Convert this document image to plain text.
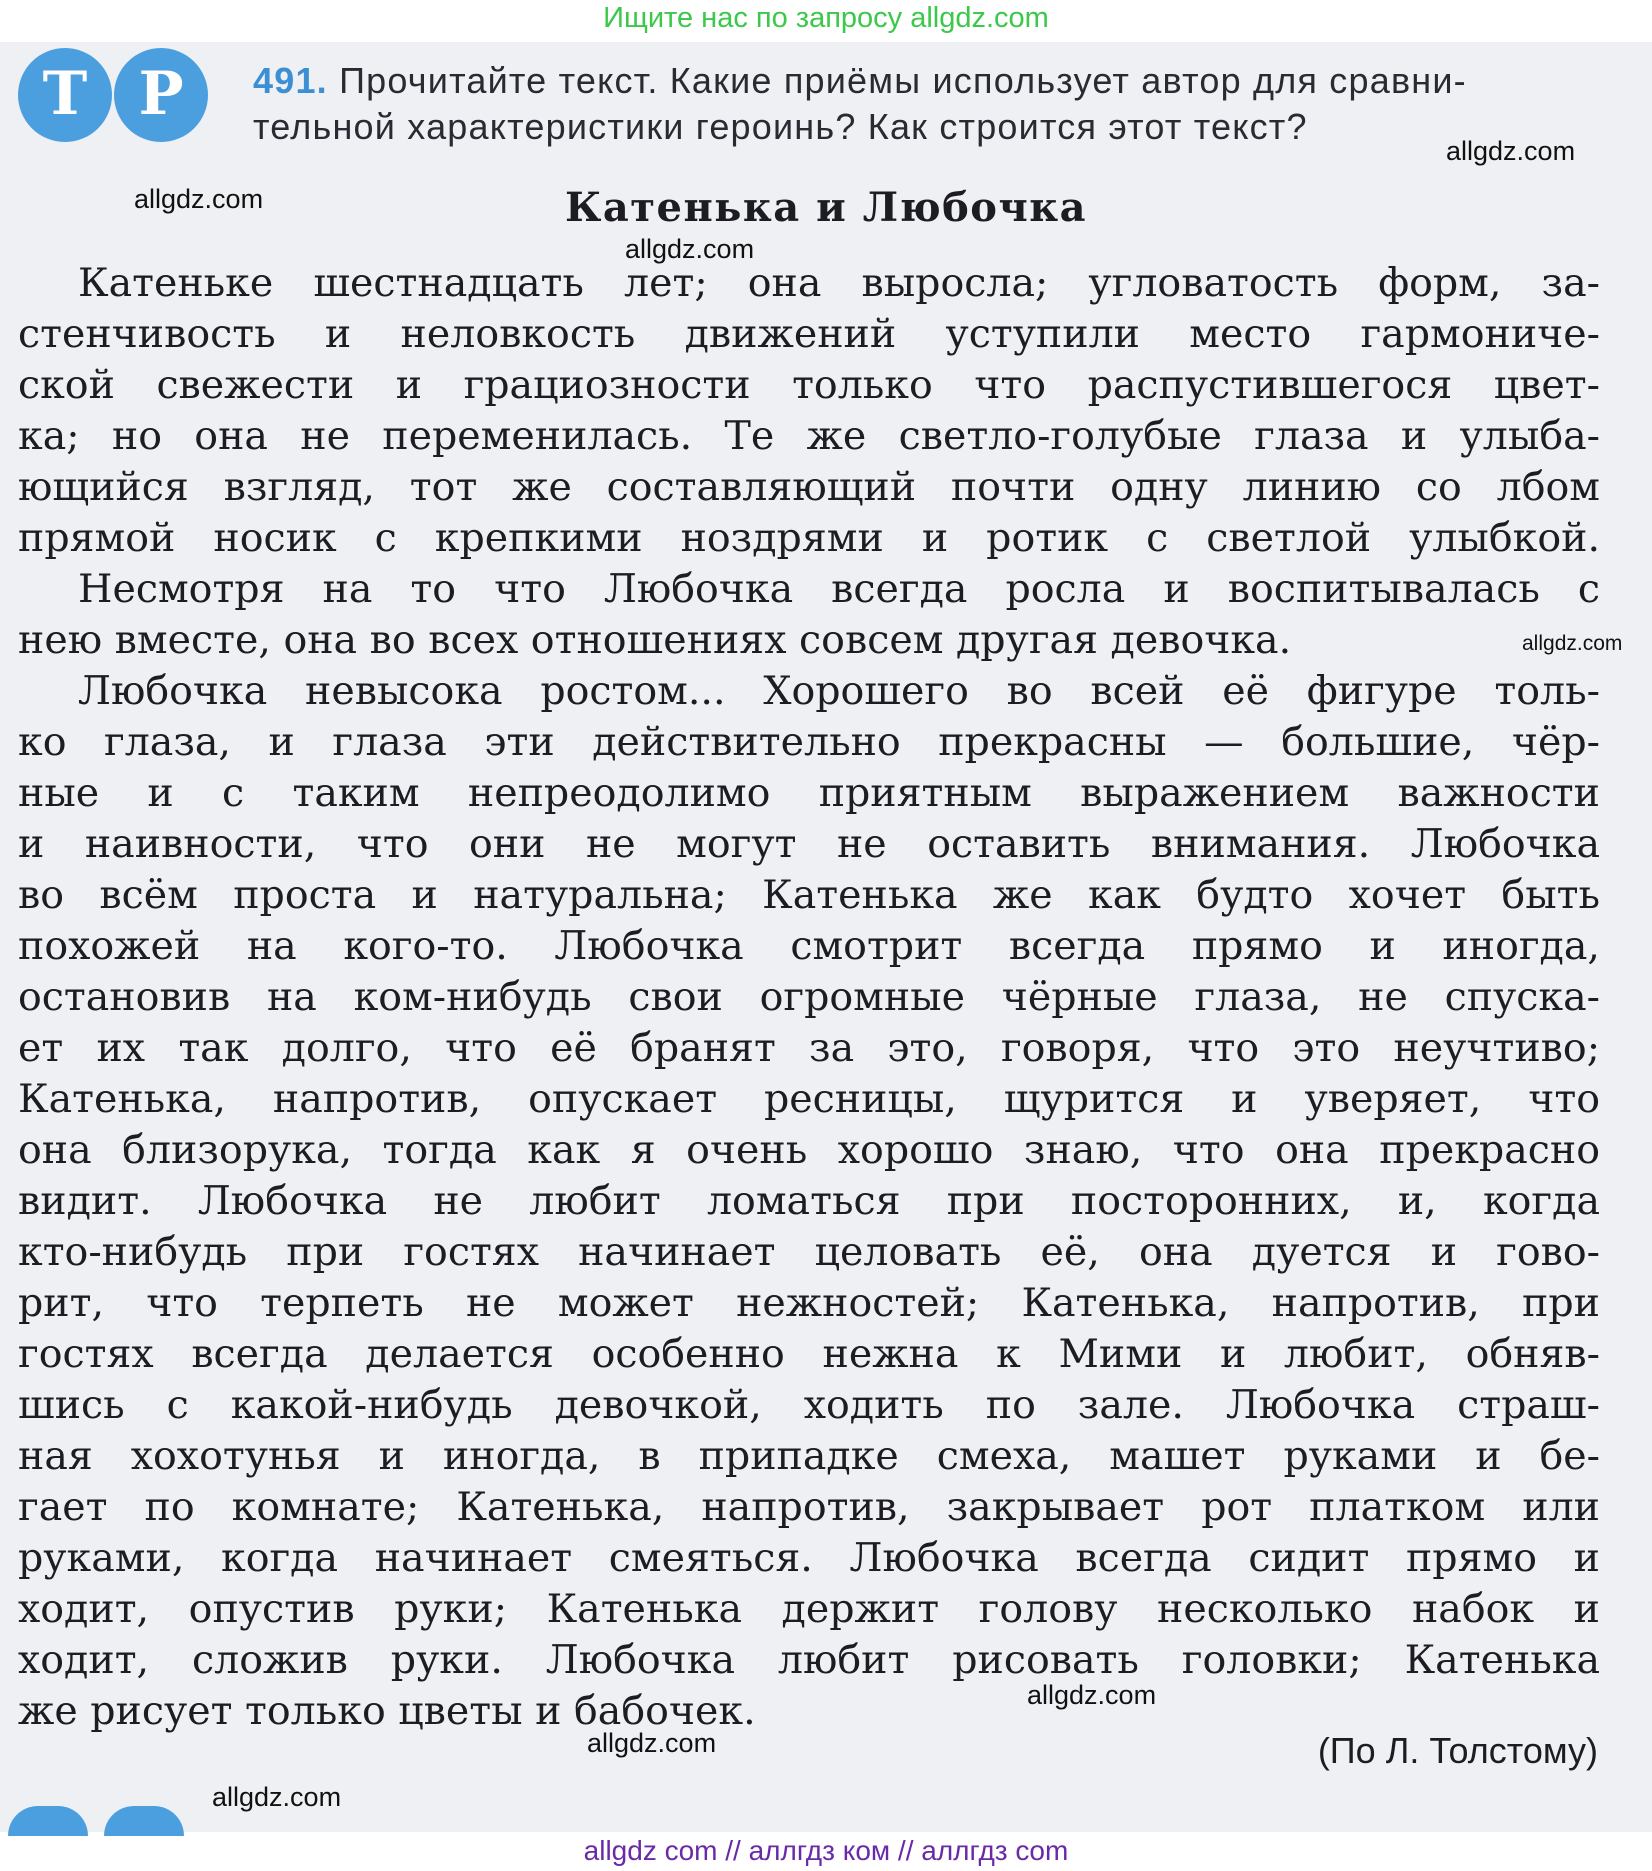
Ищите нас по запросу allgdz.com
Т Р	491. Прочитайте текст. Какие приёмы использует автор для сравни-
тельной характеристики героинь? Как строится этот текст?
Катенька и Любочка
Катеньке шестнадцать лет; она выросла; угловатость форм, за-
стенчивость и неловкость движений уступили место гармониче-
ской свежести и грациозности только что распустившегося цвет-
ка; но она не переменилась. Те же светло-голубые глаза и улыба-
ющийся взгляд, тот же составляющий почти одну линию со лбом
прямой носик с крепкими ноздрями и ротик с светлой улыбкой.
Несмотря на то что Любочка всегда росла и воспитывалась с
нею вместе, она во всех отношениях совсем другая девочка.
Любочка невысока ростом... Хорошего во всей её фигуре толь-
ко глаза, и глаза эти действительно прекрасны — большие, чёр-
ные и с таким непреодолимо приятным выражением важности
и наивности, что они не могут не оставить внимания. Любочка
во всём проста и натуральна; Катенька же как будто хочет быть
похожей на кого-то. Любочка смотрит всегда прямо и иногда,
остановив на ком-нибудь свои огромные чёрные глаза, не спуска-
ет их так долго, что её бранят за это, говоря, что это неучтиво;
Катенька, напротив, опускает ресницы, щурится и уверяет, что
она близорука, тогда как я очень хорошо знаю, что она прекрасно
видит. Любочка не любит ломаться при посторонних, и, когда
кто-нибудь при гостях начинает целовать её, она дуется и гово-
рит, что терпеть не может нежностей; Катенька, напротив, при
гостях всегда делается особенно нежна к Мими и любит, обняв-
шись с какой-нибудь девочкой, ходить по зале. Любочка страш-
ная хохотунья и иногда, в припадке смеха, машет руками и бе-
гает по комнате; Катенька, напротив, закрывает рот платком или
руками, когда начинает смеяться. Любочка всегда сидит прямо и
ходит, опустив руки; Катенька держит голову несколько набок и
ходит, сложив руки. Любочка любит рисовать головки; Катенька
же рисует только цветы и бабочек.
(По Л. Толстому)
allgdz.com
allgdz.com
allgdz.com
allgdz.com
allgdz.com
allgdz.com
allgdz.com
allgdz com // аллгдз ком // аллгдз com
